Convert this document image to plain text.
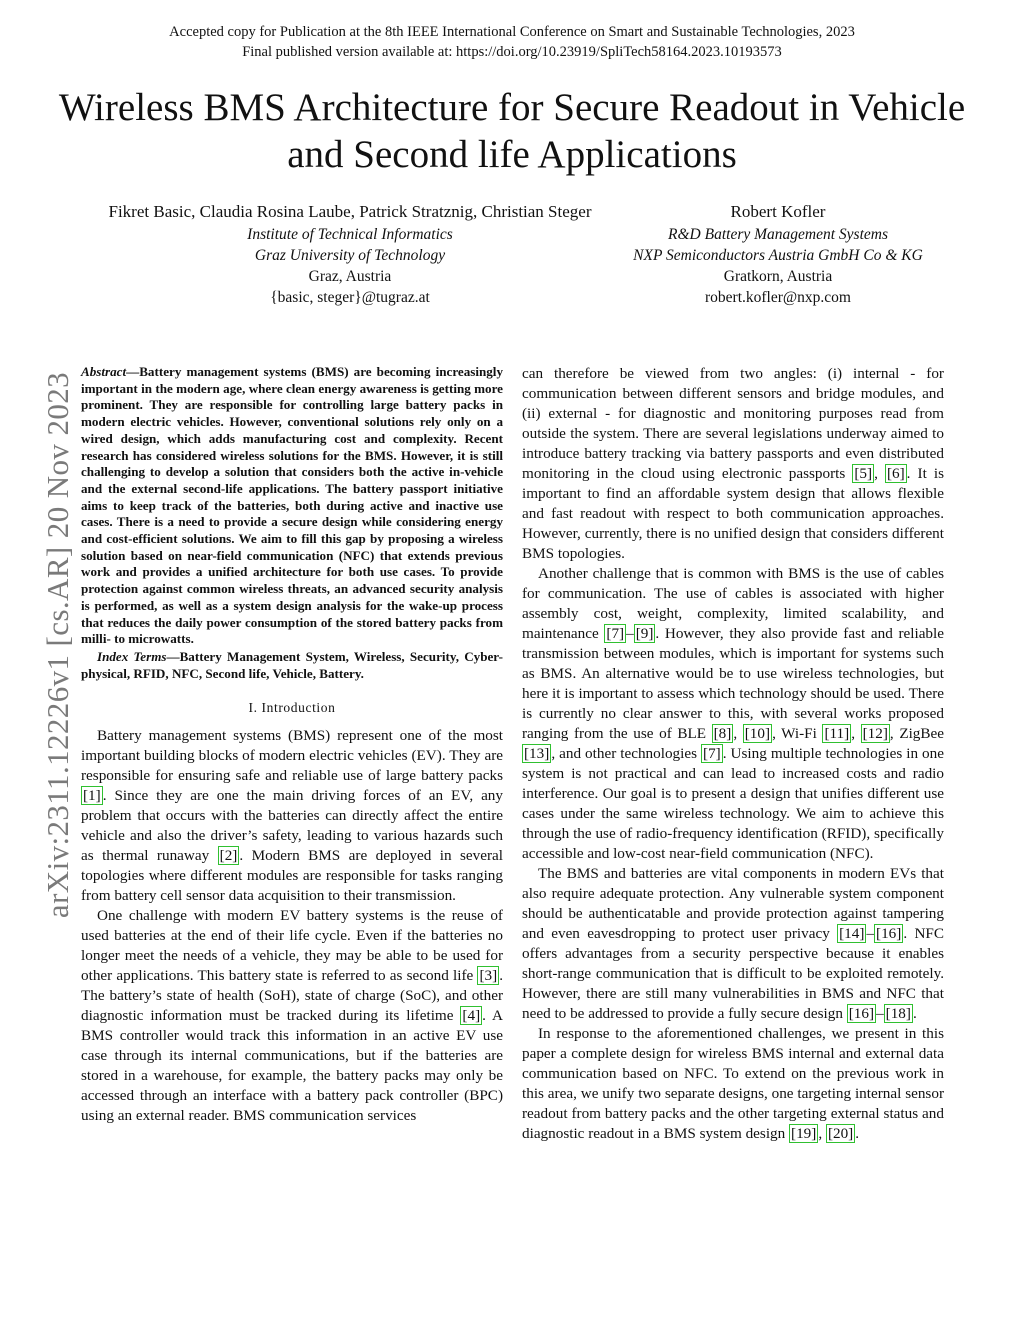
Accepted copy for Publication at the 8th IEEE International Conference on Smart and Sustainable Technologies, 2023
Final published version available at: https://doi.org/10.23919/SpliTech58164.2023.10193573
Wireless BMS Architecture for Secure Readout in Vehicle and Second life Applications
Fikret Basic, Claudia Rosina Laube, Patrick Stratznig, Christian Steger
Institute of Technical Informatics
Graz University of Technology
Graz, Austria
{basic, steger}@tugraz.at
Robert Kofler
R&D Battery Management Systems
NXP Semiconductors Austria GmbH Co & KG
Gratkorn, Austria
robert.kofler@nxp.com
arXiv:2311.12226v1 [cs.AR] 20 Nov 2023

Abstract—Battery management systems (BMS) are becoming increasingly important in the modern age, where clean energy awareness is getting more prominent. They are responsible for controlling large battery packs in modern electric vehicles. However, conventional solutions rely only on a wired design, which adds manufacturing cost and complexity. Recent research has considered wireless solutions for the BMS. However, it is still challenging to develop a solution that considers both the active in-vehicle and the external second-life applications. The battery passport initiative aims to keep track of the batteries, both during active and inactive use cases. There is a need to provide a secure design while considering energy and cost-efficient solutions. We aim to fill this gap by proposing a wireless solution based on near-field communication (NFC) that extends previous work and provides a unified architecture for both use cases. To provide protection against common wireless threats, an advanced security analysis is performed, as well as a system design analysis for the wake-up process that reduces the daily power consumption of the stored battery packs from milli- to microwatts.

Index Terms—Battery Management System, Wireless, Security, Cyber-physical, RFID, NFC, Second life, Vehicle, Battery.

I. Introduction

Battery management systems (BMS) represent one of the most important building blocks of modern electric vehicles (EV). They are responsible for ensuring safe and reliable use of large battery packs [1] . Since they are one the main driving forces of an EV, any problem that occurs with the batteries can directly affect the entire vehicle and also the driver’s safety, leading to various hazards such as thermal runaway [2] . Modern BMS are deployed in several topologies where different modules are responsible for tasks ranging from battery cell sensor data acquisition to their transmission.

One challenge with modern EV battery systems is the reuse of used batteries at the end of their life cycle. Even if the batteries no longer meet the needs of a vehicle, they may be able to be used for other applications. This battery state is referred to as second life [3] . The battery’s state of health (SoH), state of charge (SoC), and other diagnostic information must be tracked during its lifetime [4] . A BMS controller would track this information in an active EV use case through its internal communications, but if the batteries are stored in a warehouse, for example, the battery packs may only be accessed through an interface with a battery pack controller (BPC) using an external reader. BMS communication services

can therefore be viewed from two angles: (i) internal - for communication between different sensors and bridge modules, and (ii) external - for diagnostic and monitoring purposes read from outside the system. There are several legislations underway aimed to introduce battery tracking via battery passports and even distributed monitoring in the cloud using electronic passports [5] , [6] . It is important to find an affordable system design that allows flexible and fast readout with respect to both communication approaches. However, currently, there is no unified design that considers different BMS topologies.

Another challenge that is common with BMS is the use of cables for communication. The use of cables is associated with higher assembly cost, weight, complexity, limited scalability, and maintenance [7] – [9] . However, they also provide fast and reliable transmission between modules, which is important for systems such as BMS. An alternative would be to use wireless technologies, but here it is important to assess which technology should be used. There is currently no clear answer to this, with several works proposed ranging from the use of BLE [8] , [10] , Wi-Fi [11] , [12] , ZigBee [13] , and other technologies [7] . Using multiple technologies in one system is not practical and can lead to increased costs and radio interference. Our goal is to present a design that unifies different use cases under the same wireless technology. We aim to achieve this through the use of radio-frequency identification (RFID), specifically accessible and low-cost near-field communication (NFC).

The BMS and batteries are vital components in modern EVs that also require adequate protection. Any vulnerable system component should be authenticatable and provide protection against tampering and even eavesdropping to protect user privacy [14] – [16] . NFC offers advantages from a security perspective because it enables short-range communication that is difficult to be exploited remotely. However, there are still many vulnerabilities in BMS and NFC that need to be addressed to provide a fully secure design [16] – [18] .

In response to the aforementioned challenges, we present in this paper a complete design for wireless BMS internal and external data communication based on NFC. To extend on the previous work in this area, we unify two separate designs, one targeting internal sensor readout from battery packs and the other targeting external status and diagnostic readout in a BMS system design [19] , [20] .
